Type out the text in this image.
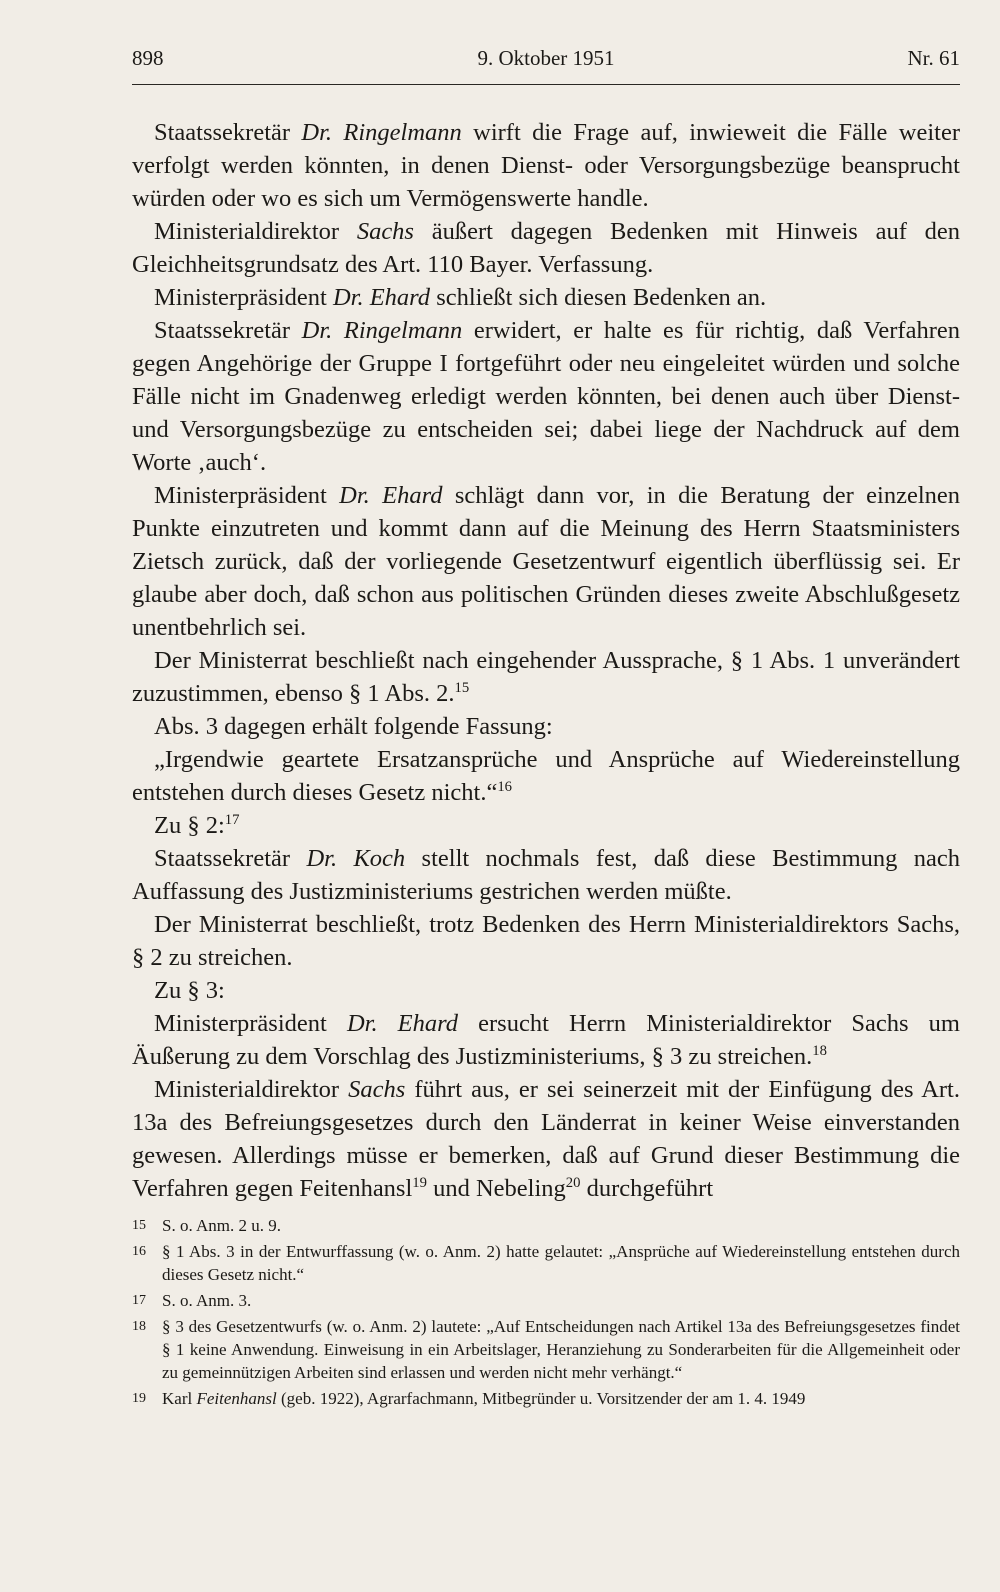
898	9. Oktober 1951	Nr. 61

Staatssekretär Dr. Ringelmann wirft die Frage auf, inwieweit die Fälle weiter verfolgt werden könnten, in denen Dienst- oder Versorgungsbezüge beansprucht würden oder wo es sich um Vermögenswerte handle.

Ministerialdirektor Sachs äußert dagegen Bedenken mit Hinweis auf den Gleichheitsgrundsatz des Art. 110 Bayer. Verfassung.

Ministerpräsident Dr. Ehard schließt sich diesen Bedenken an.

Staatssekretär Dr. Ringelmann erwidert, er halte es für richtig, daß Verfahren gegen Angehörige der Gruppe I fortgeführt oder neu eingeleitet würden und solche Fälle nicht im Gnadenweg erledigt werden könnten, bei denen auch über Dienst- und Versorgungsbezüge zu entscheiden sei; dabei liege der Nachdruck auf dem Worte ‚auch‘.

Ministerpräsident Dr. Ehard schlägt dann vor, in die Beratung der einzelnen Punkte einzutreten und kommt dann auf die Meinung des Herrn Staatsministers Zietsch zurück, daß der vorliegende Gesetzentwurf eigentlich überflüssig sei. Er glaube aber doch, daß schon aus politischen Gründen dieses zweite Abschlußgesetz unentbehrlich sei.

Der Ministerrat beschließt nach eingehender Aussprache, § 1 Abs. 1 unverändert zuzustimmen, ebenso § 1 Abs. 2.15

Abs. 3 dagegen erhält folgende Fassung:

„Irgendwie geartete Ersatzansprüche und Ansprüche auf Wiedereinstellung entstehen durch dieses Gesetz nicht.“$^{16}$

Zu § 2:$^{17}$

Staatssekretär Dr. Koch stellt nochmals fest, daß diese Bestimmung nach Auffassung des Justizministeriums gestrichen werden müßte.

Der Ministerrat beschließt, trotz Bedenken des Herrn Ministerialdirektors Sachs, § 2 zu streichen.

Zu § 3:

Ministerpräsident Dr. Ehard ersucht Herrn Ministerialdirektor Sachs um Äußerung zu dem Vorschlag des Justizministeriums, § 3 zu streichen.$^{18}$

Ministerialdirektor Sachs führt aus, er sei seinerzeit mit der Einfügung des Art. 13a des Befreiungsgesetzes durch den Länderrat in keiner Weise einverstanden gewesen. Allerdings müsse er bemerken, daß auf Grund dieser Bestimmung die Verfahren gegen Feitenhansl$^{19}$ und Nebeling$^{20}$ durchgeführt

15 S. o. Anm. 2 u. 9.
16 § 1 Abs. 3 in der Entwurffassung (w. o. Anm. 2) hatte gelautet: „Ansprüche auf Wiedereinstellung entstehen durch dieses Gesetz nicht.“
17 S. o. Anm. 3.
18 § 3 des Gesetzentwurfs (w. o. Anm. 2) lautete: „Auf Entscheidungen nach Artikel 13a des Befreiungsgesetzes findet § 1 keine Anwendung. Einweisung in ein Arbeitslager, Heranziehung zu Sonderarbeiten für die Allgemeinheit oder zu gemeinnützigen Arbeiten sind erlassen und werden nicht mehr verhängt.“
19 Karl Feitenhansl (geb. 1922), Agrarfachmann, Mitbegründer u. Vorsitzender der am 1. 4. 1949
